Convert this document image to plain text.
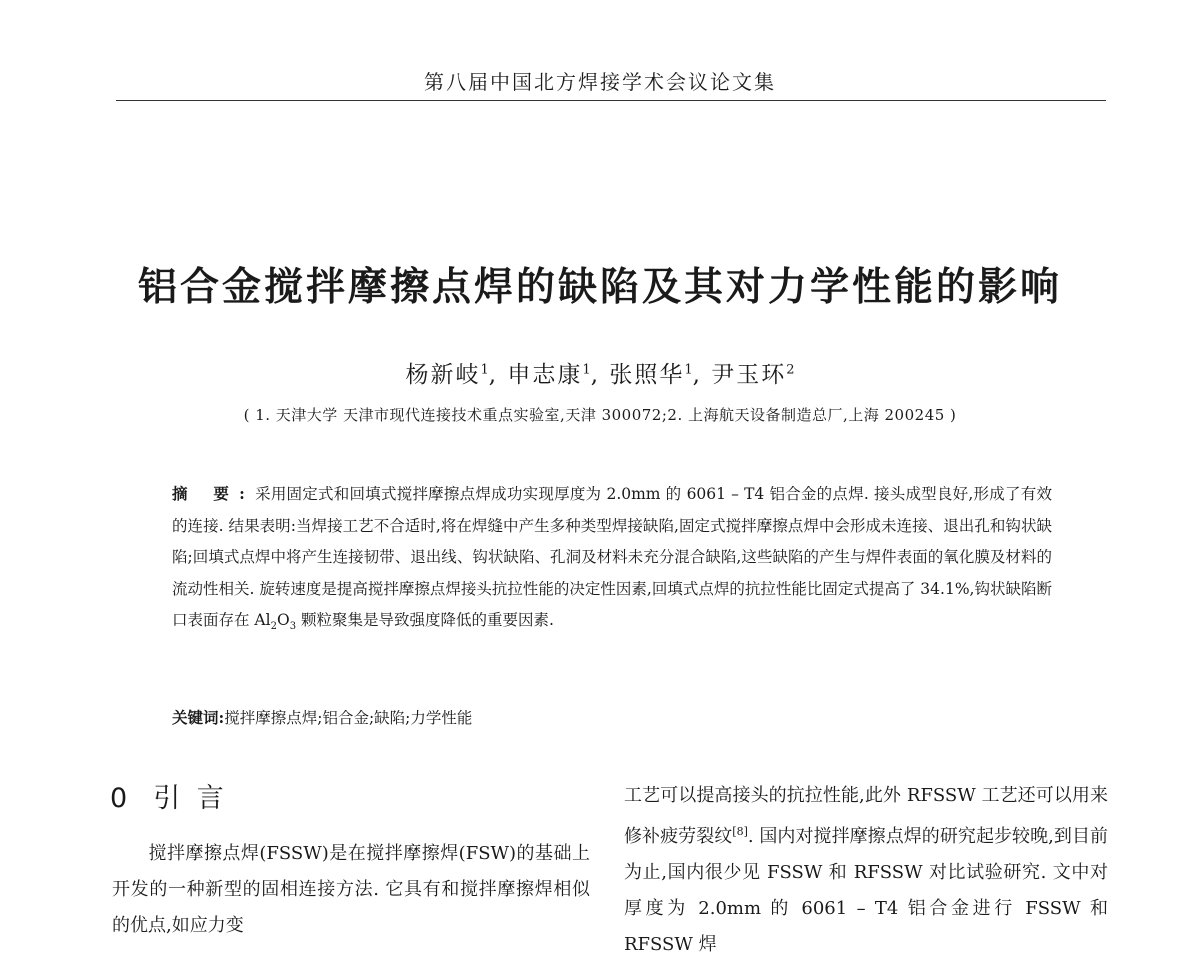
第八届中国北方焊接学术会议论文集
铝合金搅拌摩擦点焊的缺陷及其对力学性能的影响
杨新岐$^1$, 申志康$^1$, 张照华$^1$, 尹玉环$^2$
( 1. 天津大学 天津市现代连接技术重点实验室,天津 300072;2. 上海航天设备制造总厂,上海 200245 )
摘 要:采用固定式和回填式搅拌摩擦点焊成功实现厚度为 2.0mm 的 6061 – T4 铝合金的点焊. 接头成型良好,形成了有效的连接. 结果表明:当焊接工艺不合适时,将在焊缝中产生多种类型焊接缺陷,固定式搅拌摩擦点焊中会形成未连接、退出孔和钩状缺陷;回填式点焊中将产生连接韧带、退出线、钩状缺陷、孔洞及材料未充分混合缺陷,这些缺陷的产生与焊件表面的氧化膜及材料的流动性相关. 旋转速度是提高搅拌摩擦点焊接头抗拉性能的决定性因素,回填式点焊的抗拉性能比固定式提高了 34.1%,钩状缺陷断口表面存在 $Al_2O_3$ 颗粒聚集是导致强度降低的重要因素.
关键词:搅拌摩擦点焊;铝合金;缺陷;力学性能
0 引 言
搅拌摩擦点焊(FSSW)是在搅拌摩擦焊(FSW)的基础上开发的一种新型的固相连接方法. 它具有和搅拌摩擦焊相似的优点,如应力变
工艺可以提高接头的抗拉性能,此外 RFSSW 工艺还可以用来修补疲劳裂纹[8]. 国内对搅拌摩擦点焊的研究起步较晚,到目前为止,国内很少见 FSSW 和 RFSSW 对比试验研究. 文中对厚度为 2.0mm 的 6061 – T4 铝合金进行 FSSW 和 RFSSW 焊
